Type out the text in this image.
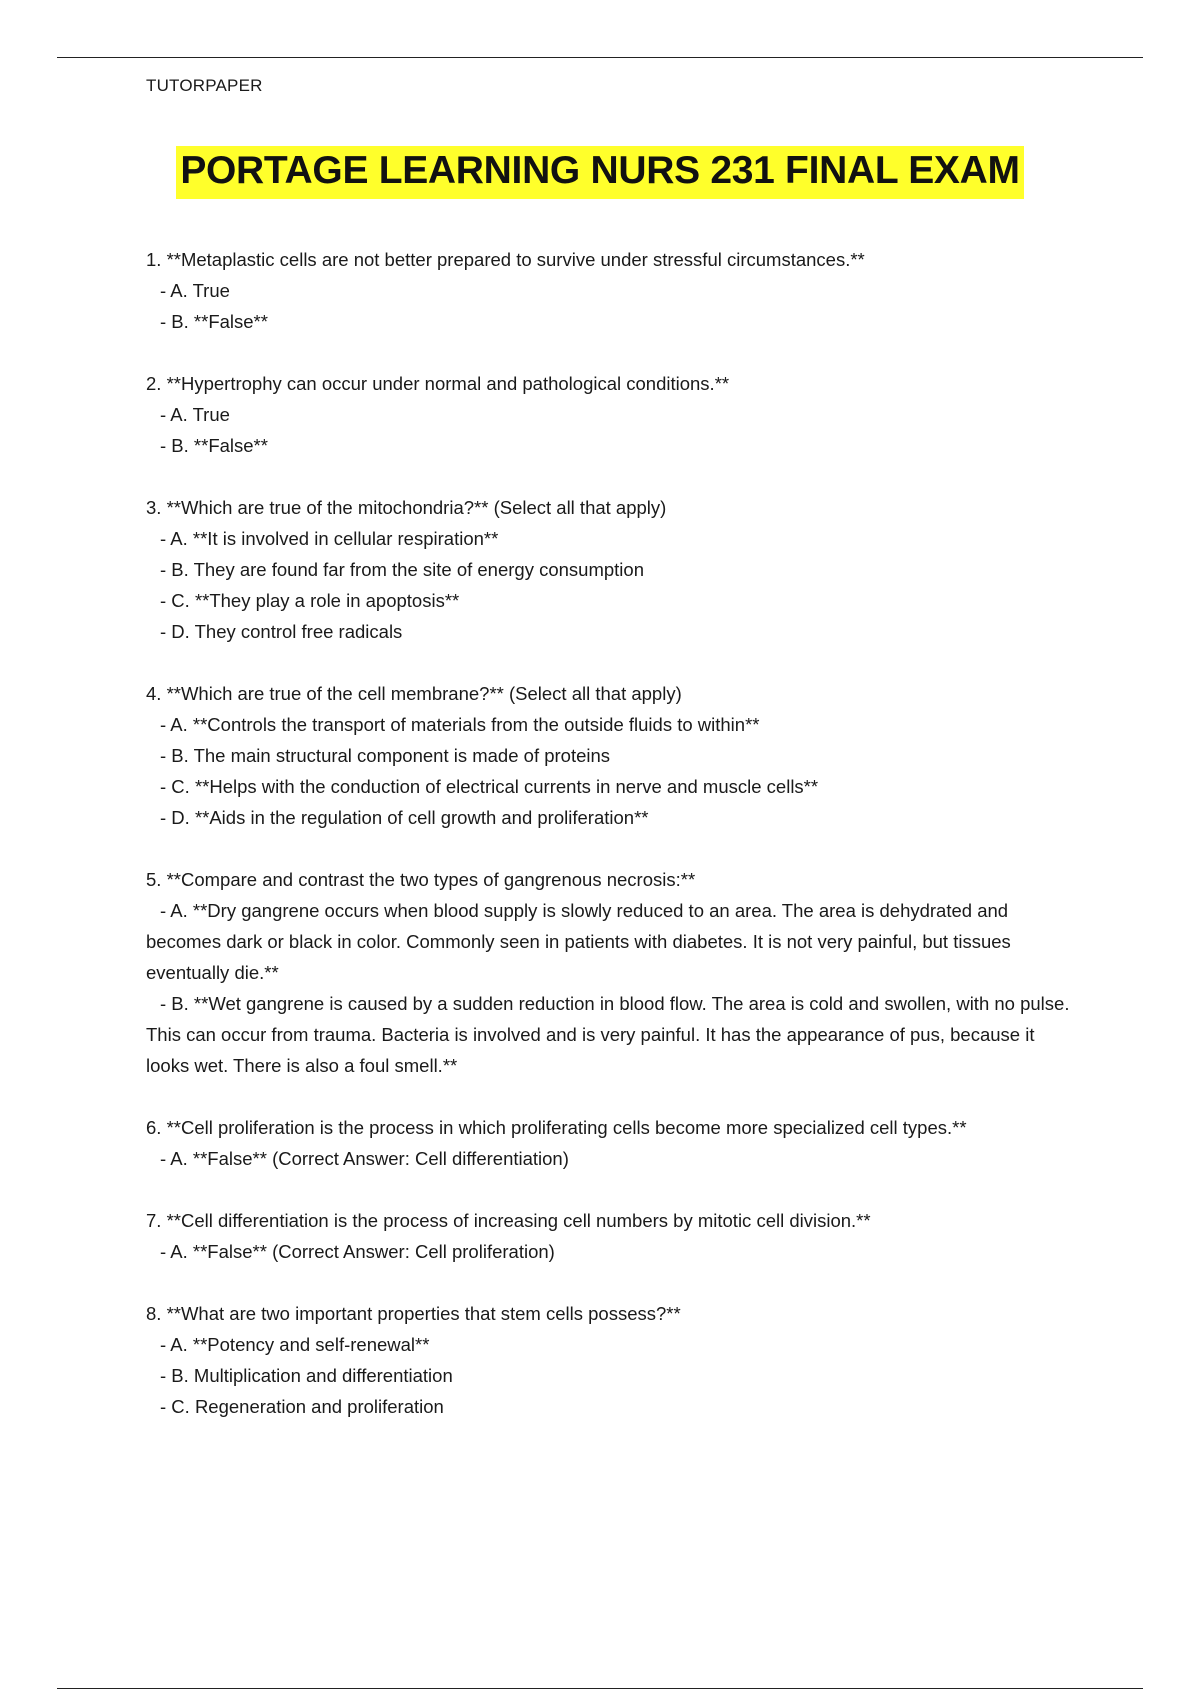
TUTORPAPER
PORTAGE LEARNING NURS 231 FINAL EXAM
1. **Metaplastic cells are not better prepared to survive under stressful circumstances.**
- A. True
- B. **False**
2. **Hypertrophy can occur under normal and pathological conditions.**
- A. True
- B. **False**
3. **Which are true of the mitochondria?** (Select all that apply)
- A. **It is involved in cellular respiration**
- B. They are found far from the site of energy consumption
- C. **They play a role in apoptosis**
- D. They control free radicals
4. **Which are true of the cell membrane?** (Select all that apply)
- A. **Controls the transport of materials from the outside fluids to within**
- B. The main structural component is made of proteins
- C. **Helps with the conduction of electrical currents in nerve and muscle cells**
- D. **Aids in the regulation of cell growth and proliferation**
5. **Compare and contrast the two types of gangrenous necrosis:**
- A. **Dry gangrene occurs when blood supply is slowly reduced to an area. The area is dehydrated and becomes dark or black in color. Commonly seen in patients with diabetes. It is not very painful, but tissues eventually die.**
- B. **Wet gangrene is caused by a sudden reduction in blood flow. The area is cold and swollen, with no pulse. This can occur from trauma. Bacteria is involved and is very painful. It has the appearance of pus, because it looks wet. There is also a foul smell.**
6. **Cell proliferation is the process in which proliferating cells become more specialized cell types.**
- A. **False** (Correct Answer: Cell differentiation)
7. **Cell differentiation is the process of increasing cell numbers by mitotic cell division.**
- A. **False** (Correct Answer: Cell proliferation)
8. **What are two important properties that stem cells possess?**
- A. **Potency and self-renewal**
- B. Multiplication and differentiation
- C. Regeneration and proliferation
